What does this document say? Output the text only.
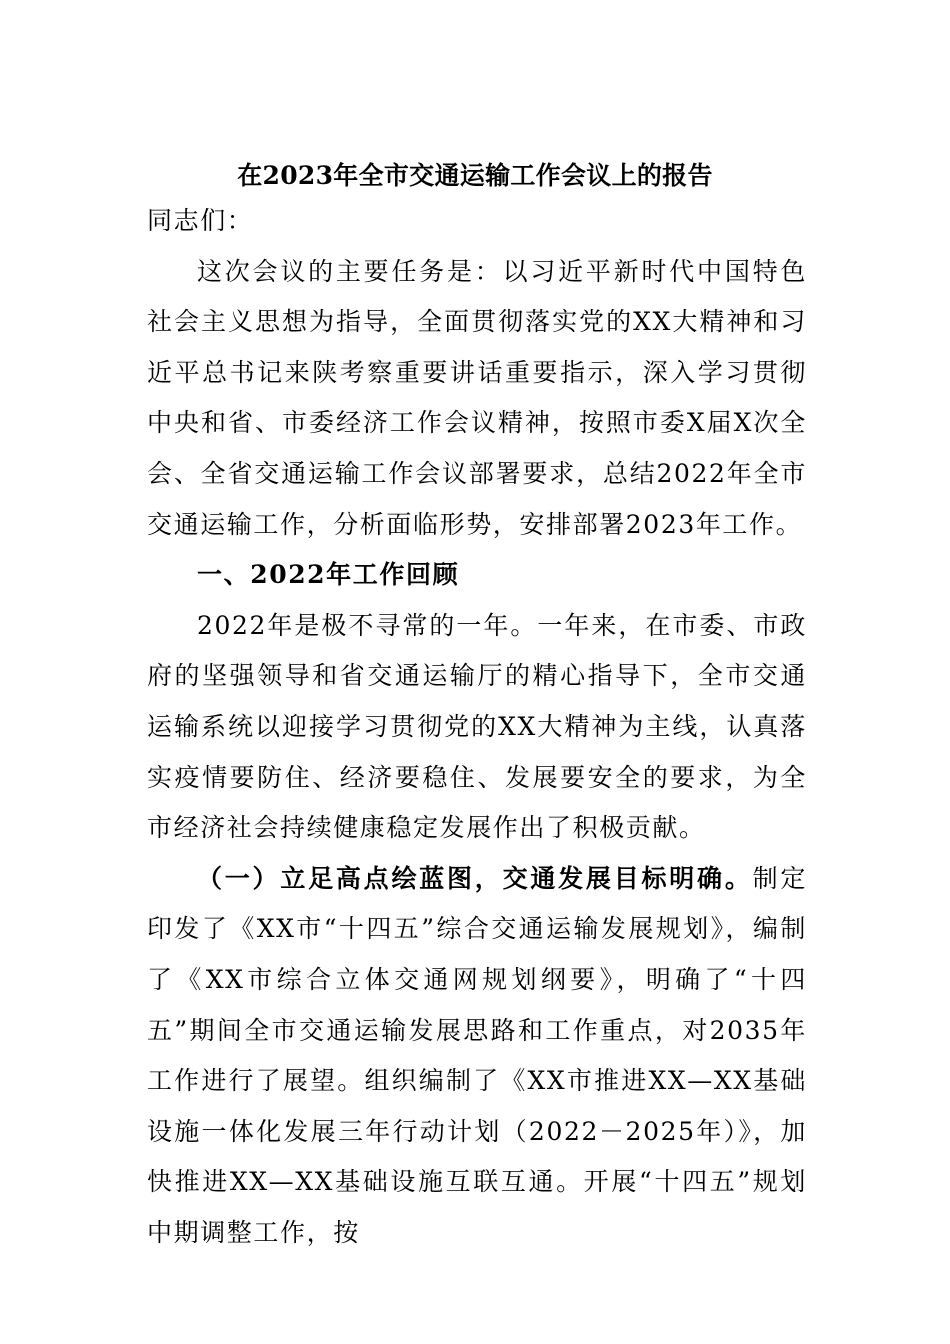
在2023年全市交通运输工作会议上的报告

同志们：

这次会议的主要任务是：以习近平新时代中国特色社会主义思想为指导，全面贯彻落实党的XX大精神和习近平总书记来陕考察重要讲话重要指示，深入学习贯彻中央和省、市委经济工作会议精神，按照市委X届X次全会、全省交通运输工作会议部署要求，总结2022年全市交通运输工作，分析面临形势，安排部署2023年工作。

一、2022年工作回顾

2022年是极不寻常的一年。一年来，在市委、市政府的坚强领导和省交通运输厅的精心指导下，全市交通运输系统以迎接学习贯彻党的XX大精神为主线，认真落实疫情要防住、经济要稳住、发展要安全的要求，为全市经济社会持续健康稳定发展作出了积极贡献。

（一）立足高点绘蓝图，交通发展目标明确。制定印发了《XX市“十四五”综合交通运输发展规划》，编制了《XX市综合立体交通网规划纲要》，明确了“十四五”期间全市交通运输发展思路和工作重点，对2035年工作进行了展望。组织编制了《XX市推进XX—XX基础设施一体化发展三年行动计划（2022－2025年）》，加快推进XX—XX基础设施互联互通。开展“十四五”规划中期调整工作，按
